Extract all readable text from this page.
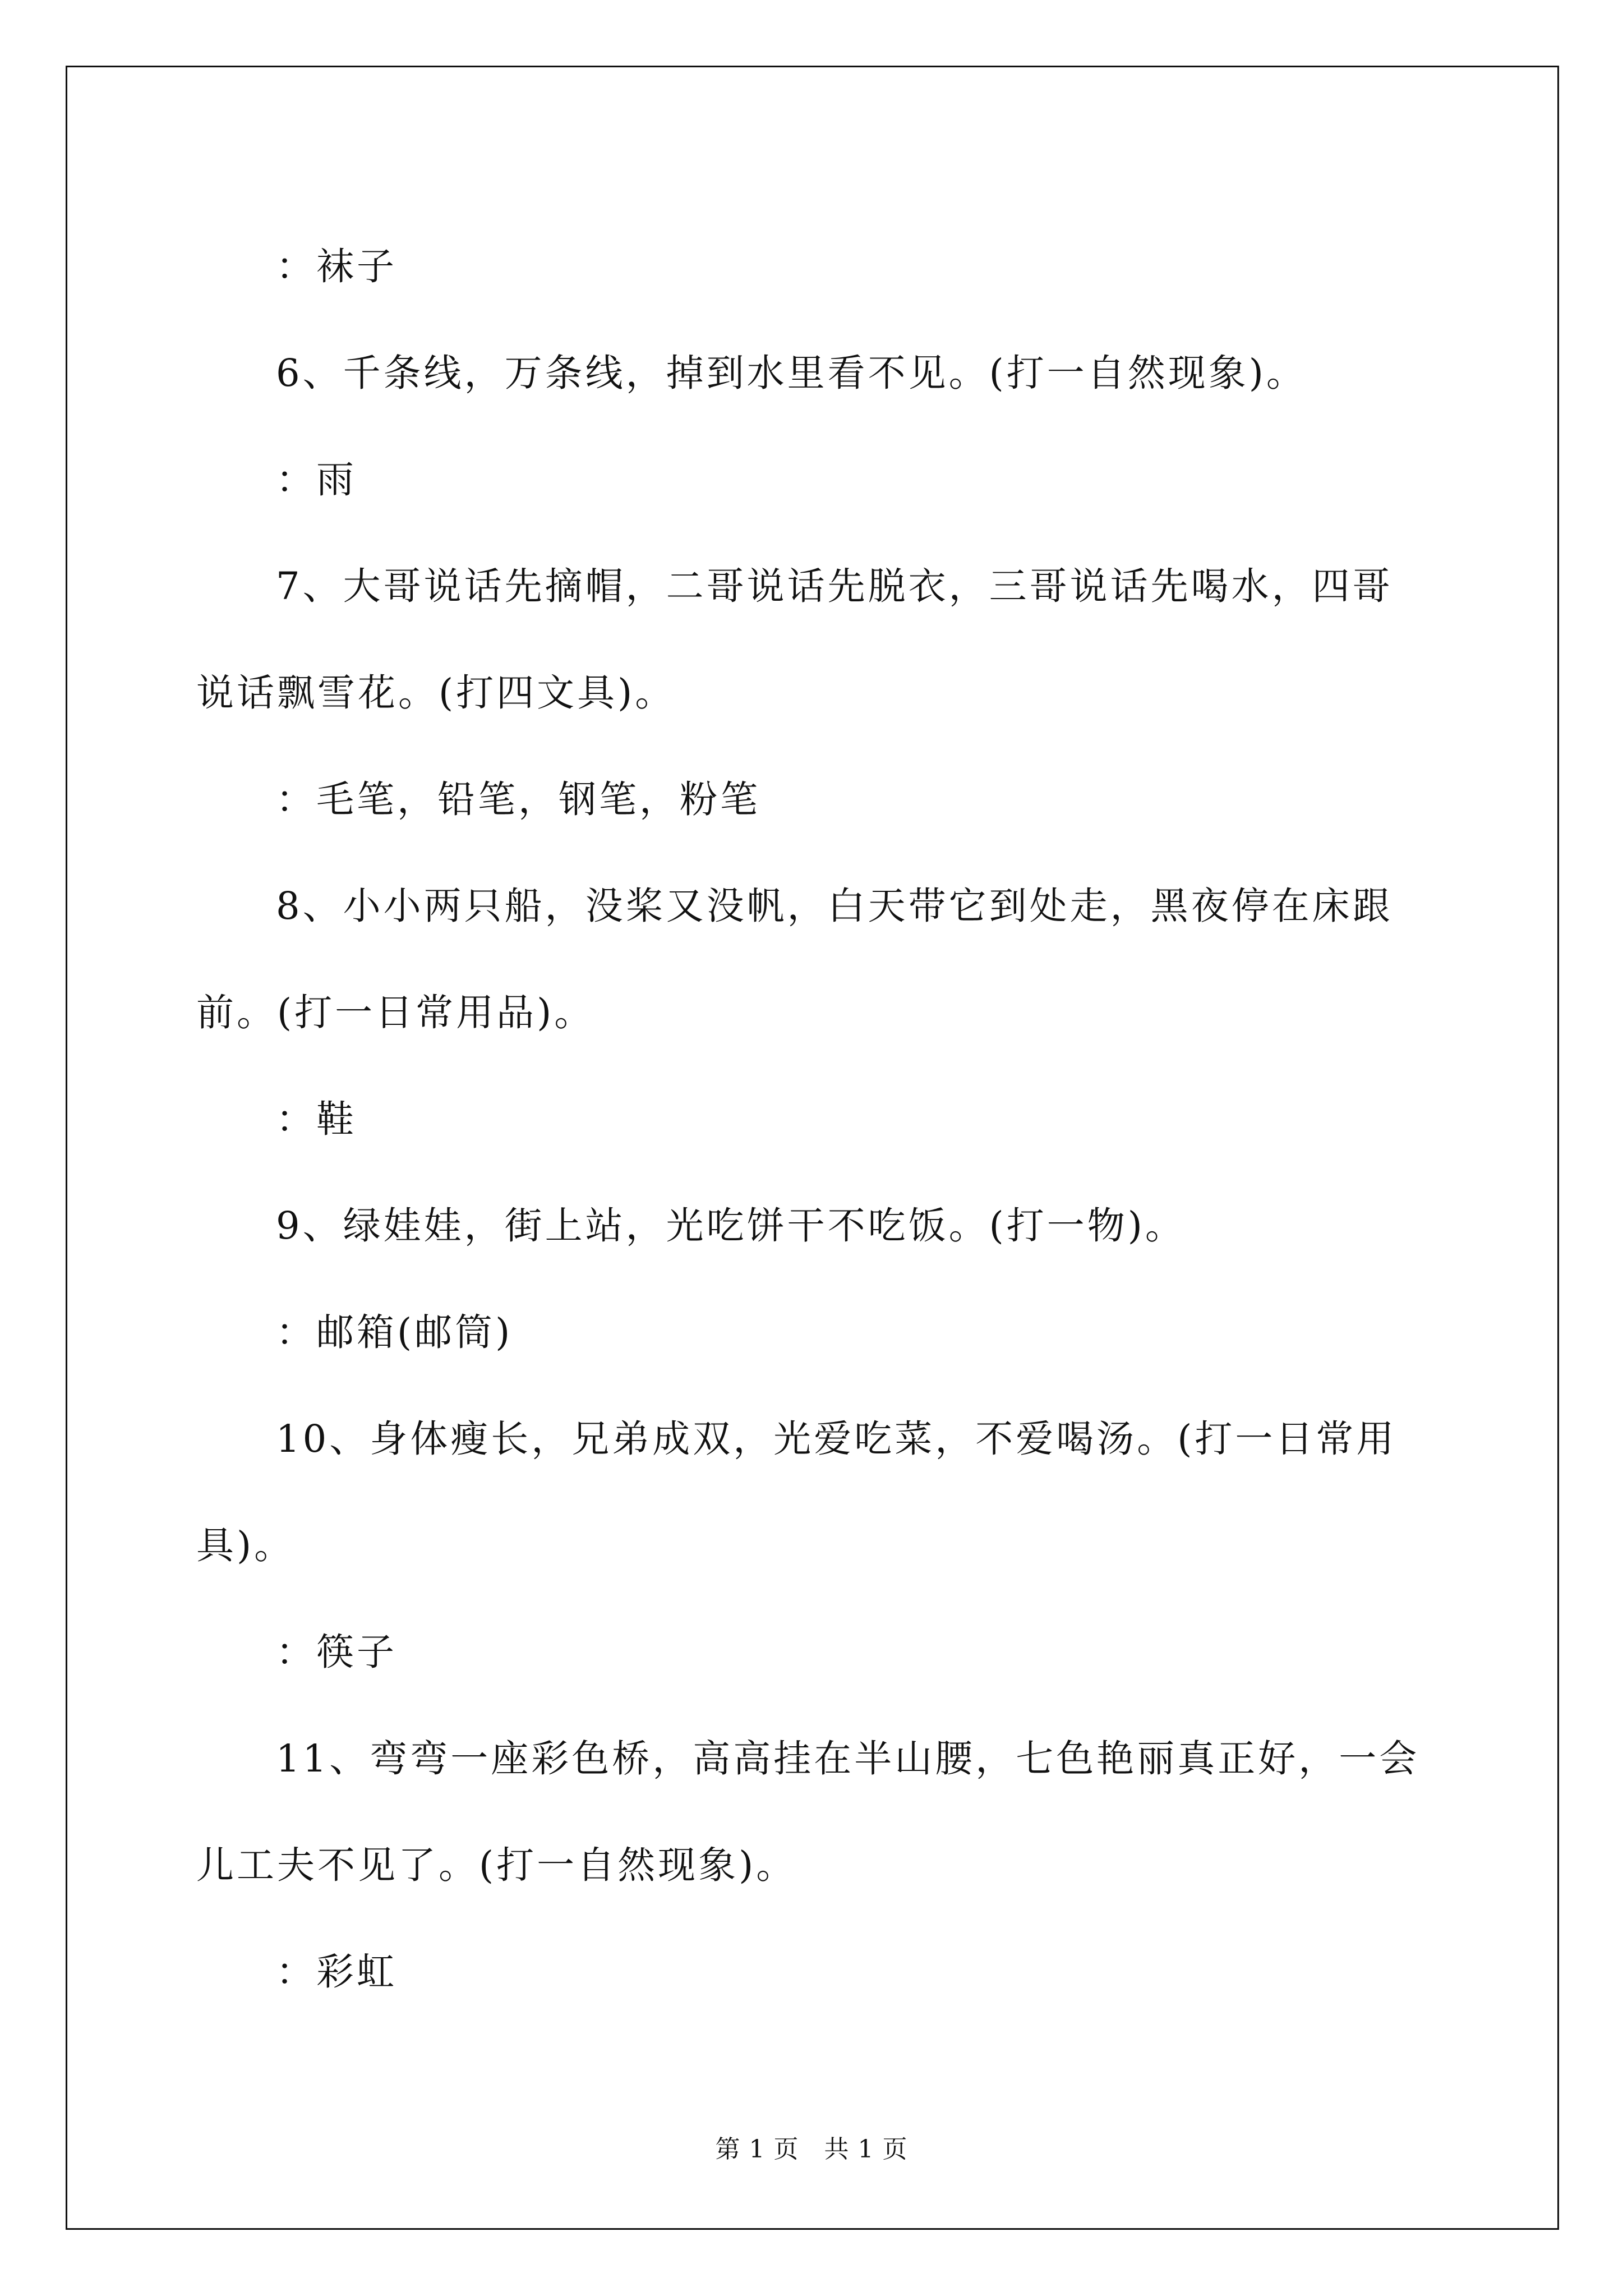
：袜子

6、千条线，万条线，掉到水里看不见。(打一自然现象)。

：雨

7、大哥说话先摘帽，二哥说话先脱衣，三哥说话先喝水，四哥说话飘雪花。(打四文具)。

：毛笔，铅笔，钢笔，粉笔

8、小小两只船，没桨又没帆，白天带它到处走，黑夜停在床跟前。(打一日常用品)。

：鞋

9、绿娃娃，街上站，光吃饼干不吃饭。(打一物)。

：邮箱(邮筒)

10、身体瘦长，兄弟成双，光爱吃菜，不爱喝汤。(打一日常用具)。

：筷子

11、弯弯一座彩色桥，高高挂在半山腰，七色艳丽真正好，一会儿工夫不见了。(打一自然现象)。

：彩虹

第 1 页　共 1 页
